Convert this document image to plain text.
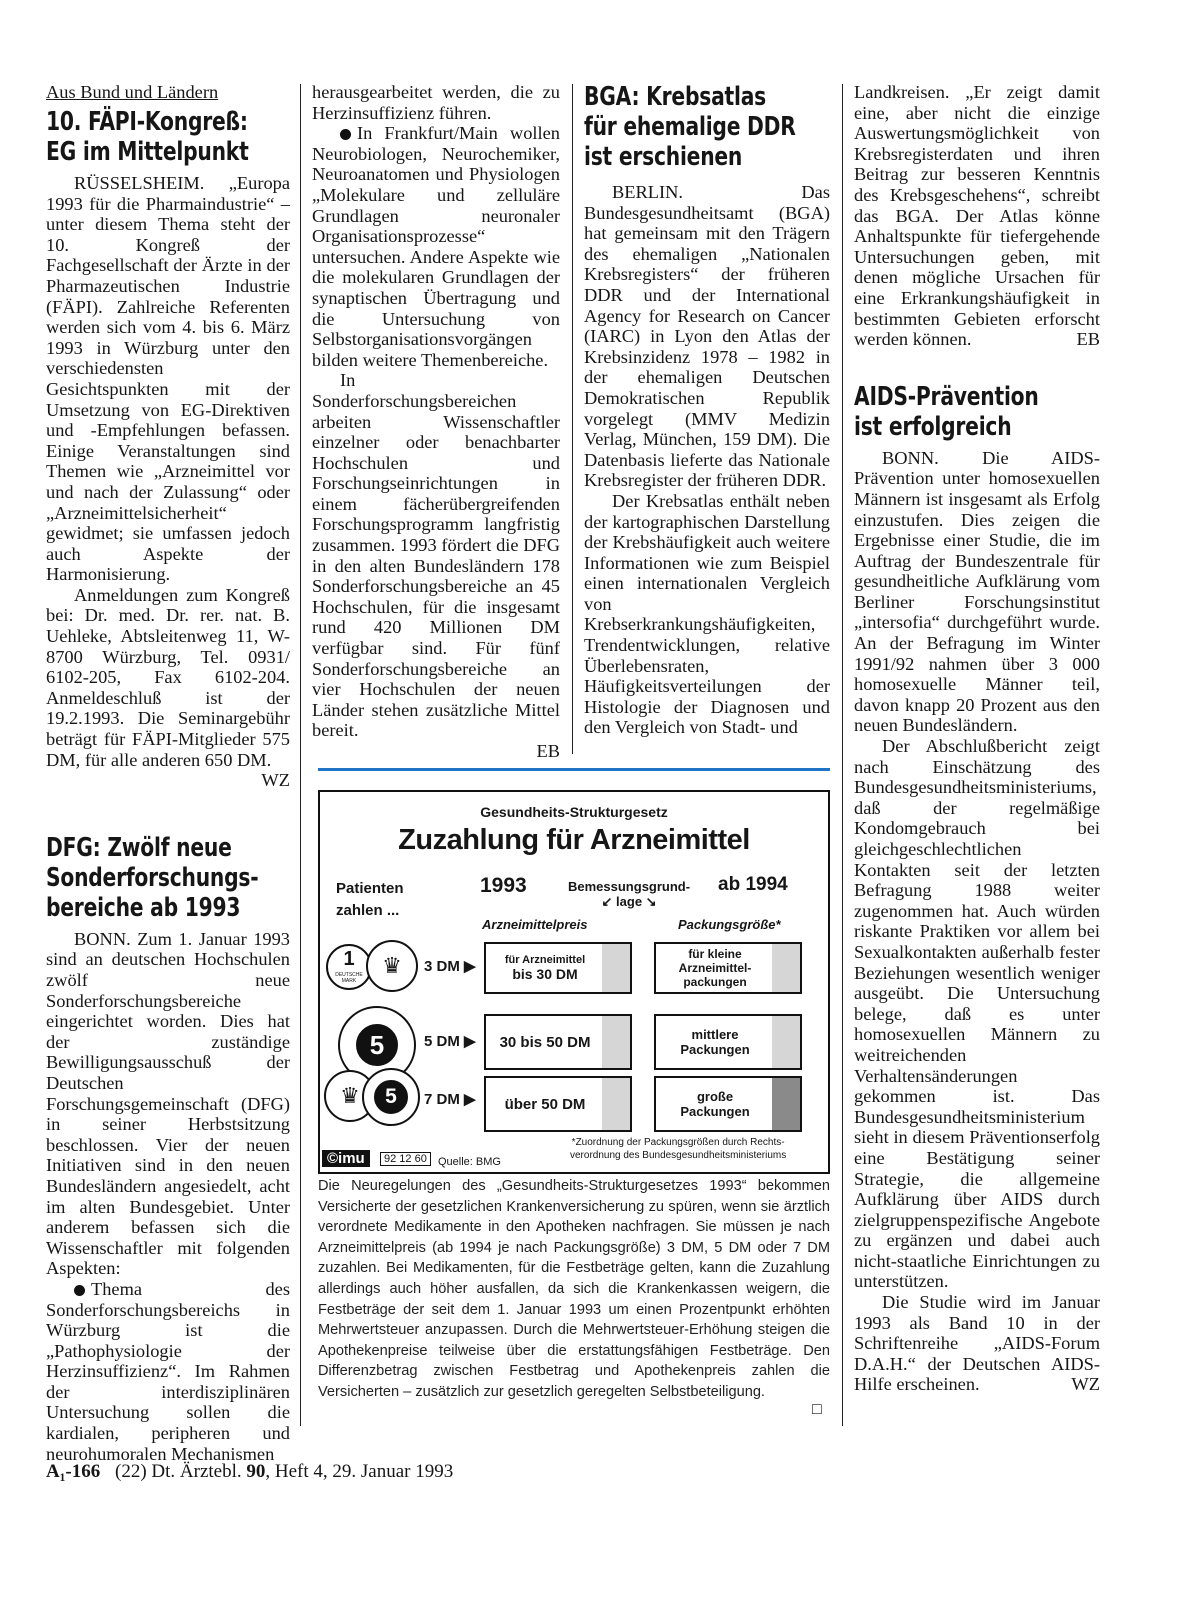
Aus Bund und Ländern

10. FÄPI-Kongreß:

EG im Mittelpunkt

RÜSSELSHEIM. „Europa 1993 für die Pharmaindustrie“ – unter diesem Thema steht der 10. Kongreß der Fachgesellschaft der Ärzte in der Pharmazeutischen Industrie (FÄPI). Zahlreiche Referenten werden sich vom 4. bis 6. März 1993 in Würzburg unter den verschiedensten Gesichtspunkten mit der Umsetzung von EG-Direktiven und -Empfehlungen befassen. Einige Veranstaltungen sind Themen wie „Arzneimittel vor und nach der Zulassung“ oder „Arzneimittelsicherheit“ gewidmet; sie umfassen jedoch auch Aspekte der Harmonisierung.

Anmeldungen zum Kongreß bei: Dr. med. Dr. rer. nat. B. Uehleke, Abtsleitenweg 11, W-8700 Würzburg, Tel. 0931/ 6102-205, Fax 6102-204. Anmeldeschluß ist der 19.2.1993. Die Seminargebühr beträgt für FÄPI-Mitglieder 575 DM, für alle anderen 650 DM.

WZ

DFG: Zwölf neue

Sonderforschungs-

bereiche ab 1993

BONN. Zum 1. Januar 1993 sind an deutschen Hochschulen zwölf neue Sonderforschungsbereiche eingerichtet worden. Dies hat der zuständige Bewilligungsausschuß der Deutschen Forschungsgemeinschaft (DFG) in seiner Herbstsitzung beschlossen. Vier der neuen Initiativen sind in den neuen Bundesländern angesiedelt, acht im alten Bundesgebiet. Unter anderem befassen sich die Wissenschaftler mit folgenden Aspekten:

Thema des Sonderforschungsbereichs in Würzburg ist die „Pathophysiologie der Herzinsuffizienz“. Im Rahmen der interdisziplinären Untersuchung sollen die kardialen, peripheren und neurohumoralen Mechanismen

herausgearbeitet werden, die zu Herzinsuffizienz führen.

In Frankfurt/Main wollen Neurobiologen, Neurochemiker, Neuroanatomen und Physiologen „Molekulare und zelluläre Grundlagen neuronaler Organisationsprozesse“ untersuchen. Andere Aspekte wie die molekularen Grundlagen der synaptischen Übertragung und die Untersuchung von Selbstorganisationsvorgängen bilden weitere Themenbereiche.

In Sonderforschungsbereichen arbeiten Wissenschaftler einzelner oder benachbarter Hochschulen und Forschungseinrichtungen in einem fächerübergreifenden Forschungsprogramm langfristig zusammen. 1993 fördert die DFG in den alten Bundesländern 178 Sonderforschungsbereiche an 45 Hochschulen, für die insgesamt rund 420 Millionen DM verfügbar sind. Für fünf Sonderforschungsbereiche an vier Hochschulen der neuen Länder stehen zusätzliche Mittel bereit.

EB

BGA: Krebsatlas

für ehemalige DDR

ist erschienen

BERLIN. Das Bundesgesundheitsamt (BGA) hat gemeinsam mit den Trägern des ehemaligen „Nationalen Krebsregisters“ der früheren DDR und der International Agency for Research on Cancer (IARC) in Lyon den Atlas der Krebsinzidenz 1978 – 1982 in der ehemaligen Deutschen Demokratischen Republik vorgelegt (MMV Medizin Verlag, München, 159 DM). Die Datenbasis lieferte das Nationale Krebsregister der früheren DDR.

Der Krebsatlas enthält neben der kartographischen Darstellung der Krebshäufigkeit auch weitere Informationen wie zum Beispiel einen internationalen Vergleich von Krebserkrankungshäufigkeiten, Trendentwicklungen, relative Überlebensraten, Häufigkeitsverteilungen der Histologie der Diagnosen und den Vergleich von Stadt- und

Landkreisen. „Er zeigt damit eine, aber nicht die einzige Auswertungsmöglichkeit von Krebsregisterdaten und ihren Beitrag zur besseren Kenntnis des Krebsgeschehens“, schreibt das BGA. Der Atlas könne Anhaltspunkte für tiefergehende Untersuchungen geben, mit denen mögliche Ursachen für eine Erkrankungshäufigkeit in bestimmten Gebieten erforscht werden können.	EB

AIDS-Prävention

ist erfolgreich

BONN. Die AIDS-Prävention unter homosexuellen Männern ist insgesamt als Erfolg einzustufen. Dies zeigen die Ergebnisse einer Studie, die im Auftrag der Bundeszentrale für gesundheitliche Aufklärung vom Berliner Forschungsinstitut „intersofia“ durchgeführt wurde. An der Befragung im Winter 1991/92 nahmen über 3 000 homosexuelle Männer teil, davon knapp 20 Prozent aus den neuen Bundesländern.

Der Abschlußbericht zeigt nach Einschätzung des Bundesgesundheitsministeriums, daß der regelmäßige Kondomgebrauch bei gleichgeschlechtlichen Kontakten seit der letzten Befragung 1988 weiter zugenommen hat. Auch würden riskante Praktiken vor allem bei Sexualkontakten außerhalb fester Beziehungen wesentlich weniger ausgeübt. Die Untersuchung belege, daß es unter homosexuellen Männern zu weitreichenden Verhaltensänderungen gekommen ist. Das Bundesgesundheitsministerium sieht in diesem Präventionserfolg eine Bestätigung seiner Strategie, die allgemeine Aufklärung über AIDS durch zielgruppenspezifische Angebote zu ergänzen und dabei auch nicht-staatliche Einrichtungen zu unterstützen.

Die Studie wird im Januar 1993 als Band 10 in der Schriftenreihe „AIDS-Forum D.A.H.“ der Deutschen AIDS-Hilfe erscheinen.	WZ

Gesundheits-Strukturgesetz
Zuzahlung für Arzneimittel
Patienten
zahlen ...
1993	ab 1994
Bemessungsgrund-
↙ lage ↘
Arzneimittelpreis	Packungsgröße*
1
DEUTSCHE MARK
♛	3 DM ▶	für Arzneimittel
bis 30 DM
für kleine
Arzneimittel-
packungen
5	5 DM ▶ 30 bis 50 DM	mittlere
Packungen
♛	5	7 DM ▶ über 50 DM	große
Packungen
*Zuordnung der Packungsgrößen durch Rechts-
verordnung des Bundesgesundheitsministeriums
©imu	92 12 60	Quelle: BMG

Die Neuregelungen des „Gesundheits-Strukturgesetzes 1993“ bekommen Versicherte der gesetzlichen Krankenversicherung zu spüren, wenn sie ärztlich verordnete Medikamente in den Apotheken nachfragen. Sie müssen je nach Arzneimittelpreis (ab 1994 je nach Packungsgröße) 3 DM, 5 DM oder 7 DM zuzahlen. Bei Medikamenten, für die Festbeträge gelten, kann die Zuzahlung allerdings auch höher ausfallen, da sich die Krankenkassen weigern, die Festbeträge der seit dem 1. Januar 1993 um einen Prozentpunkt erhöhten Mehrwertsteuer anzupassen. Durch die Mehrwertsteuer-Erhöhung steigen die Apothekenpreise teilweise über die erstattungsfähigen Festbeträge. Den Differenzbetrag zwischen Festbetrag und Apothekenpreis zahlen die Versicherten – zusätzlich zur gesetzlich geregelten Selbstbeteiligung.

□
A₁-166 (22) Dt. Ärztebl. 90, Heft 4, 29. Januar 1993
